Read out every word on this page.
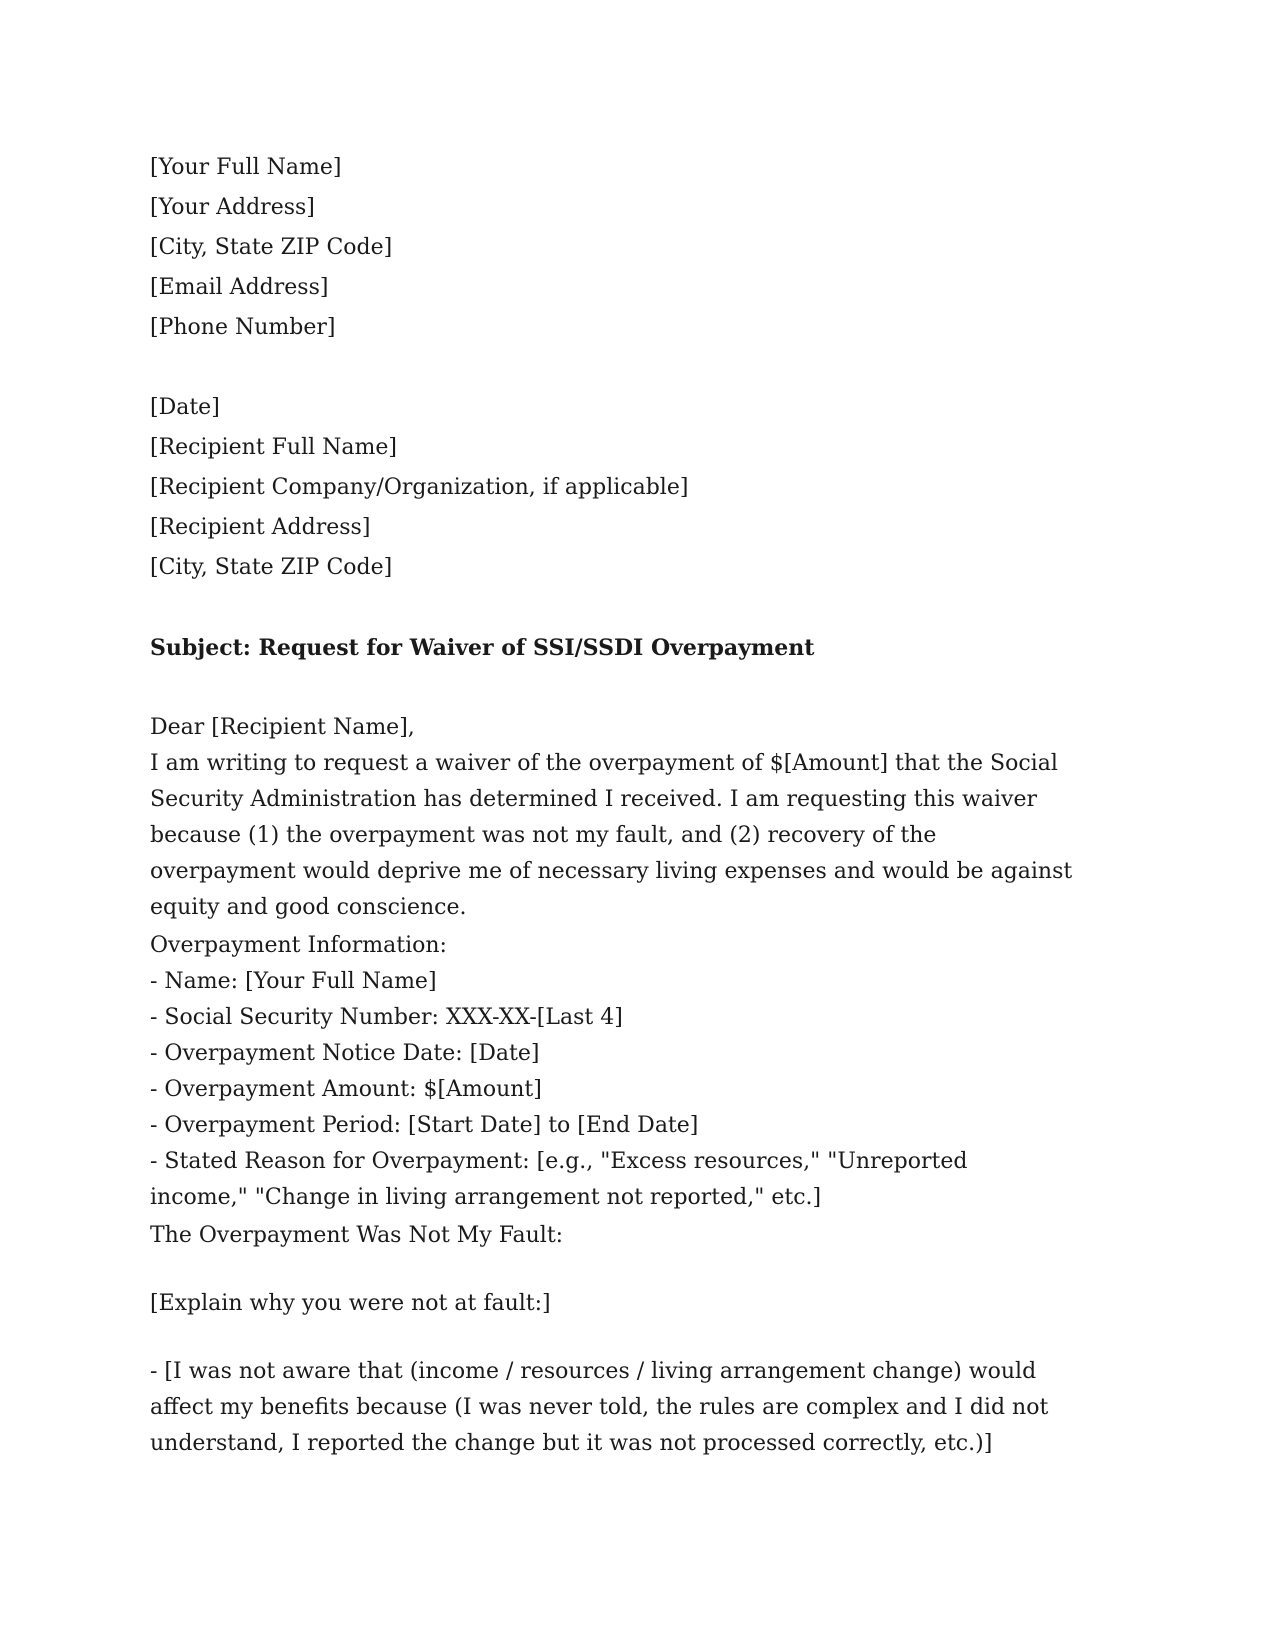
[Your Full Name]
[Your Address]
[City, State ZIP Code]
[Email Address]
[Phone Number]
[Date]
[Recipient Full Name]
[Recipient Company/Organization, if applicable]
[Recipient Address]
[City, State ZIP Code]
Subject: Request for Waiver of SSI/SSDI Overpayment
Dear [Recipient Name],

I am writing to request a waiver of the overpayment of $[Amount] that the Social Security Administration has determined I received. I am requesting this waiver because (1) the overpayment was not my fault, and (2) recovery of the overpayment would deprive me of necessary living expenses and would be against equity and good conscience.

Overpayment Information:
- Name: [Your Full Name]
- Social Security Number: XXX-XX-[Last 4]
- Overpayment Notice Date: [Date]
- Overpayment Amount: $[Amount]
- Overpayment Period: [Start Date] to [End Date]
- Stated Reason for Overpayment: [e.g., "Excess resources," "Unreported income," "Change in living arrangement not reported," etc.]
The Overpayment Was Not My Fault:
[Explain why you were not at fault:]
- [I was not aware that (income / resources / living arrangement change) would affect my benefits because (I was never told, the rules are complex and I did not understand, I reported the change but it was not processed correctly, etc.)]
